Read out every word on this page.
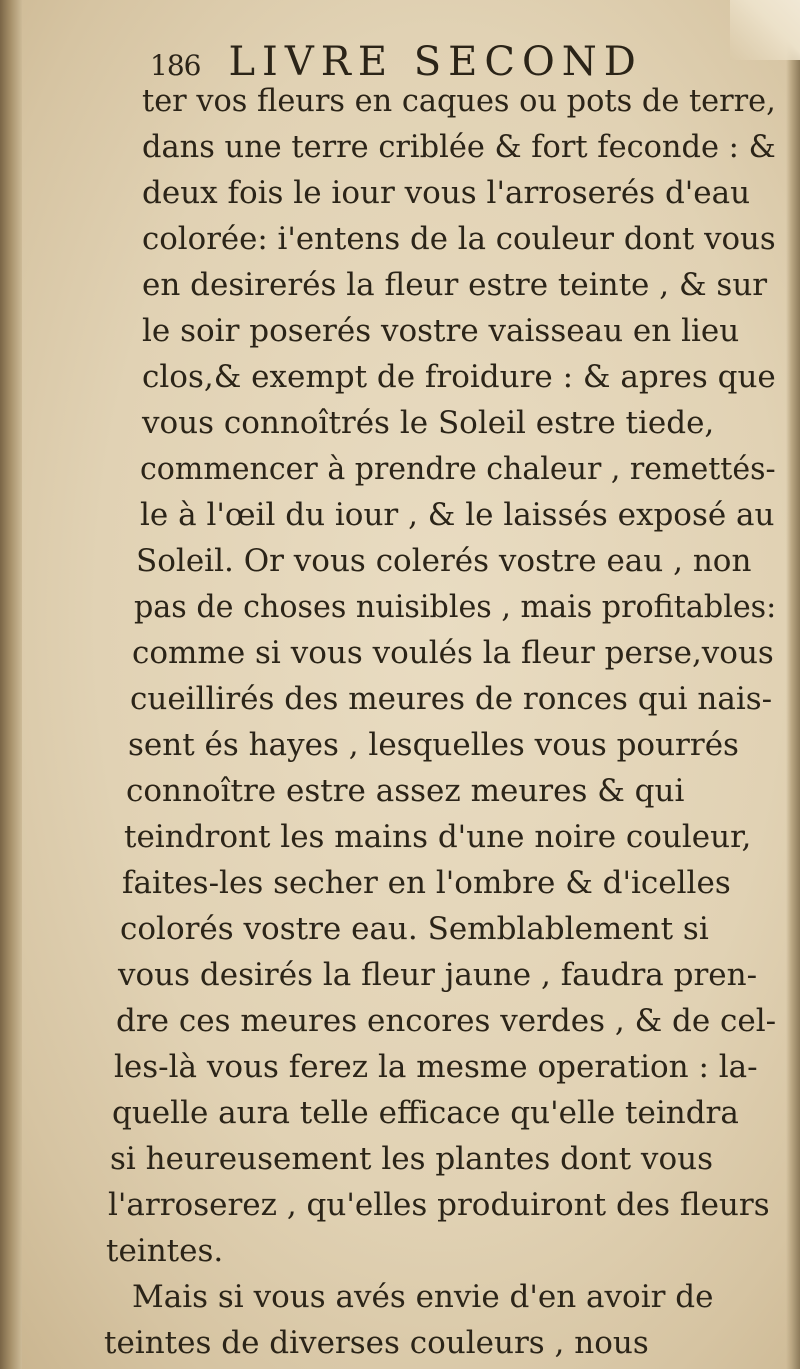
186 LIVRE SECOND
ter vos fleurs en caques ou pots de terre,
dans une terre criblée & fort feconde : &
deux fois le iour vous l'arroserés d'eau
colorée: i'entens de la couleur dont vous
en desirerés la fleur estre teinte , & sur
le soir poserés vostre vaisseau en lieu
clos,& exempt de froidure : & apres que
vous connoîtrés le Soleil estre tiede,
commencer à prendre chaleur , remettés-
le à l'œil du iour , & le laissés exposé au
Soleil. Or vous colerés vostre eau , non
pas de choses nuisibles , mais profitables:
comme si vous voulés la fleur perse,vous
cueillirés des meures de ronces qui nais-
sent és hayes , lesquelles vous pourrés
connoître estre assez meures & qui
teindront les mains d'une noire couleur,
faites-les secher en l'ombre & d'icelles
colorés vostre eau. Semblablement si
vous desirés la fleur jaune , faudra pren-
dre ces meures encores verdes , & de cel-
les-là vous ferez la mesme operation : la-
quelle aura telle efficace qu'elle teindra
si heureusement les plantes dont vous
l'arroserez , qu'elles produiront des fleurs
teintes.
Mais si vous avés envie d'en avoir de
teintes de diverses couleurs , nous
